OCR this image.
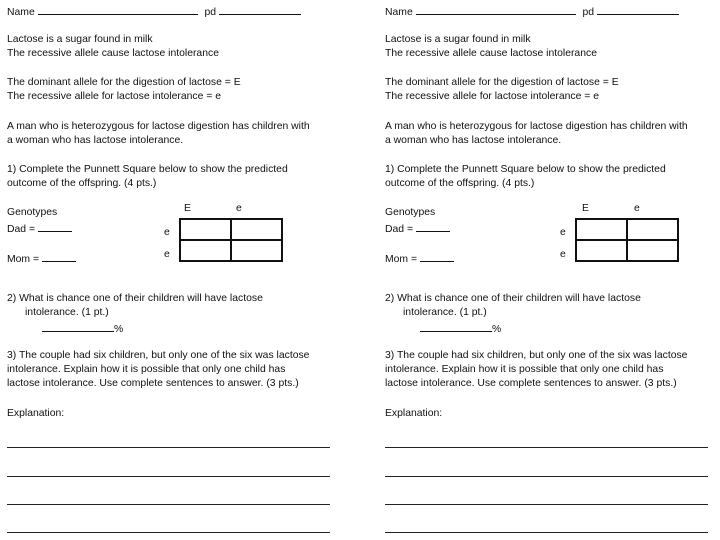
Name	pd
Lactose is a sugar found in milk
The recessive allele cause lactose intolerance
The dominant allele for the digestion of lactose = E
The recessive allele for lactose intolerance = e
A man who is heterozygous for lactose digestion has children with
a woman who has lactose intolerance.
1) Complete the Punnett Square below to show the predicted
outcome of the offspring. (4 pts.)
Genotypes
Dad =
Mom =
E	e
e
e

2) What is chance one of their children will have lactose
intolerance. (1 pt.)
%
3) The couple had six children, but only one of the six was lactose
intolerance. Explain how it is possible that only one child has
lactose intolerance. Use complete sentences to answer. (3 pts.)
Explanation:
Name	pd
Lactose is a sugar found in milk
The recessive allele cause lactose intolerance
The dominant allele for the digestion of lactose = E
The recessive allele for lactose intolerance = e
A man who is heterozygous for lactose digestion has children with
a woman who has lactose intolerance.
1) Complete the Punnett Square below to show the predicted
outcome of the offspring. (4 pts.)
Genotypes
Dad =
Mom =
E	e
e
e

2) What is chance one of their children will have lactose
intolerance. (1 pt.)
%
3) The couple had six children, but only one of the six was lactose
intolerance. Explain how it is possible that only one child has
lactose intolerance. Use complete sentences to answer. (3 pts.)
Explanation:
